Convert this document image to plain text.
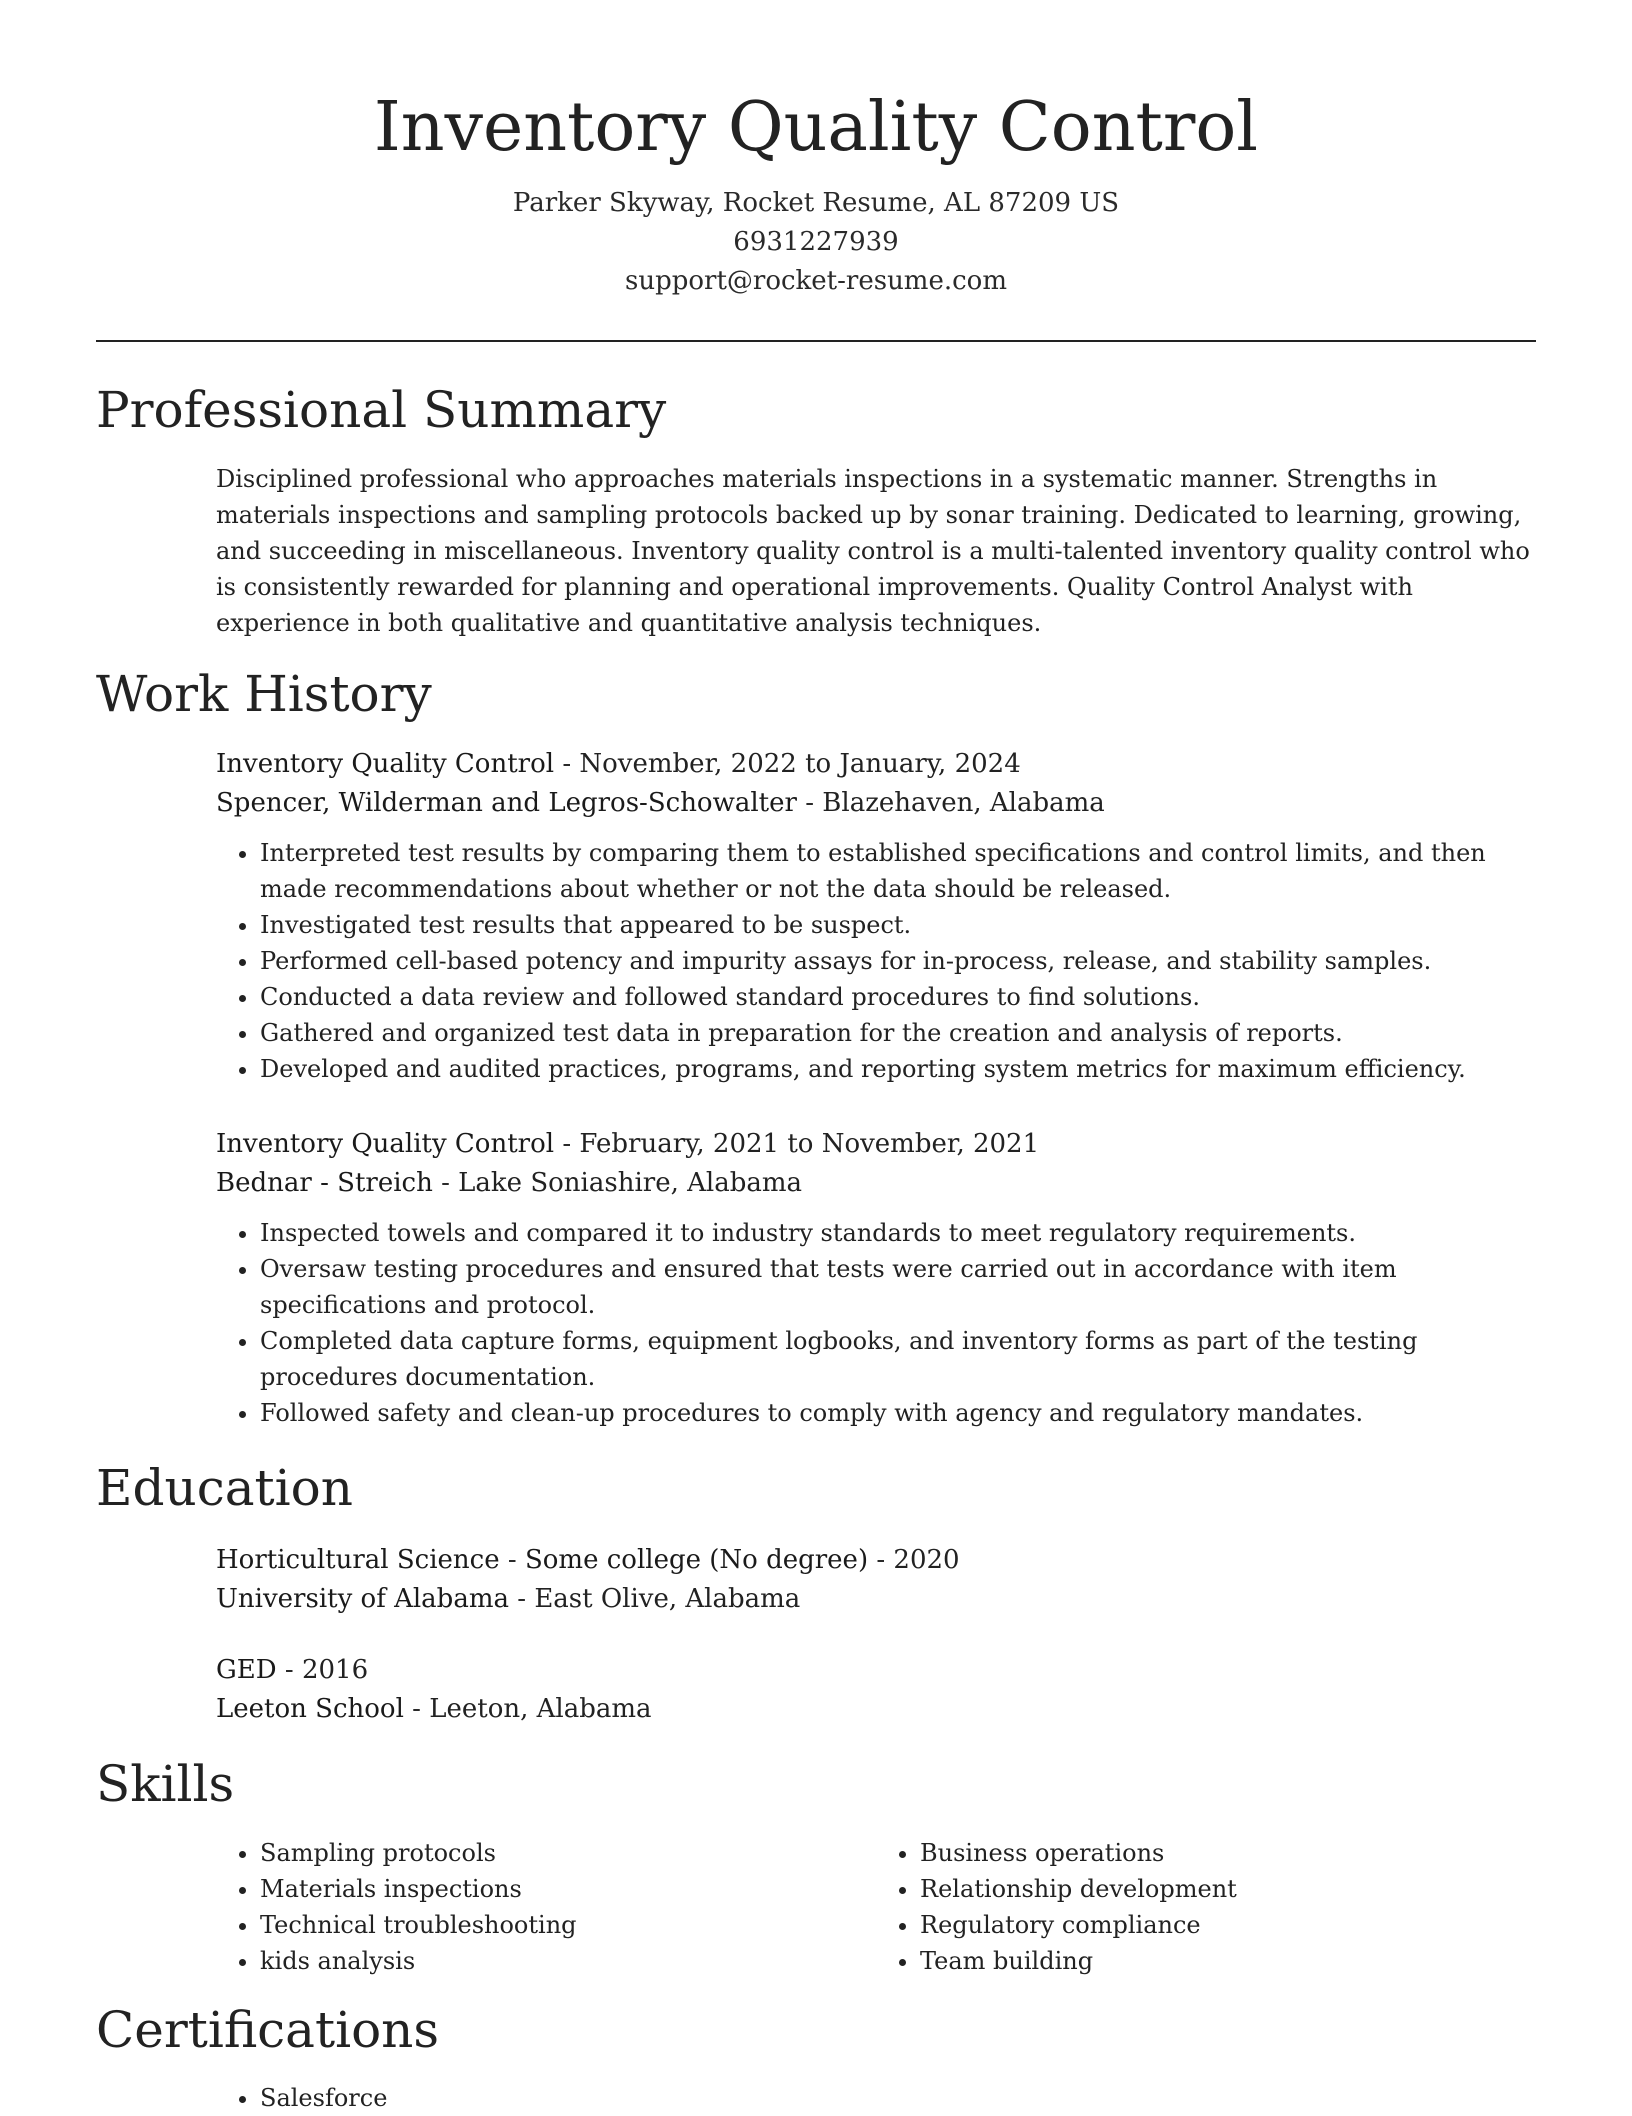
Inventory Quality Control
Parker Skyway, Rocket Resume, AL 87209 US
6931227939
support@rocket-resume.com
Professional Summary

Disciplined professional who approaches materials inspections in a systematic manner. Strengths in materials inspections and sampling protocols backed up by sonar training. Dedicated to learning, growing, and succeeding in miscellaneous. Inventory quality control is a multi-talented inventory quality control who is consistently rewarded for planning and operational improvements. Quality Control Analyst with experience in both qualitative and quantitative analysis techniques.

Work History
Inventory Quality Control - November, 2022 to January, 2024
Spencer, Wilderman and Legros-Schowalter - Blazehaven, Alabama
• Interpreted test results by comparing them to established specifications and control limits, and then made recommendations about whether or not the data should be released.
• Investigated test results that appeared to be suspect.
• Performed cell-based potency and impurity assays for in-process, release, and stability samples.
• Conducted a data review and followed standard procedures to find solutions.
• Gathered and organized test data in preparation for the creation and analysis of reports.
• Developed and audited practices, programs, and reporting system metrics for maximum efficiency.
Inventory Quality Control - February, 2021 to November, 2021
Bednar - Streich - Lake Soniashire, Alabama
• Inspected towels and compared it to industry standards to meet regulatory requirements.
• Oversaw testing procedures and ensured that tests were carried out in accordance with item specifications and protocol.
• Completed data capture forms, equipment logbooks, and inventory forms as part of the testing procedures documentation.
• Followed safety and clean-up procedures to comply with agency and regulatory mandates.
Education
Horticultural Science - Some college (No degree) - 2020
University of Alabama - East Olive, Alabama
GED - 2016
Leeton School - Leeton, Alabama
Skills
• Sampling protocols
• Materials inspections
• Technical troubleshooting
• kids analysis
• Business operations
• Relationship development
• Regulatory compliance
• Team building
Certifications
• Salesforce
